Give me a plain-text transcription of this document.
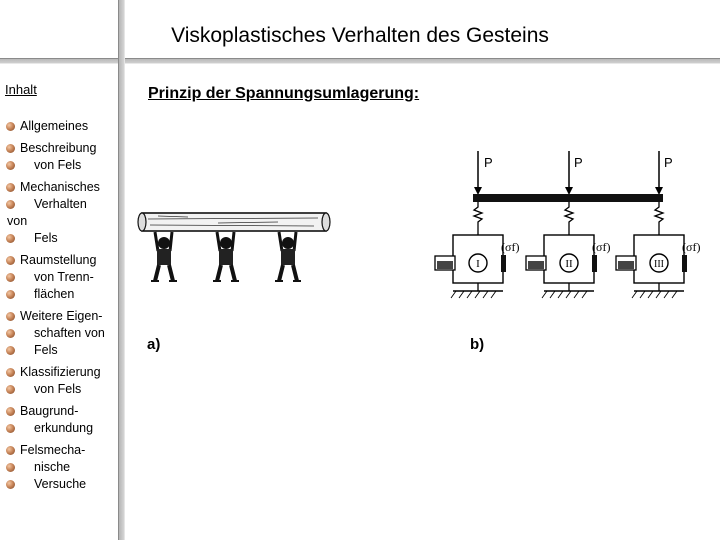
Viskoplastisches Verhalten des Gesteins
Inhalt
Allgemeines
Beschreibung
von Fels
Mechanisches
Verhalten
von
Fels
Raumstellung
von Trenn-
flächen
Weitere Eigen-
schaften von
Fels
Klassifizierung
von Fels
Baugrund-
erkundung
Felsmecha-
nische
Versuche
Prinzip der Spannungsumlagerung:
P	P	P
I	II	III
(σf)	(σf)	(σf)
a)	b)
